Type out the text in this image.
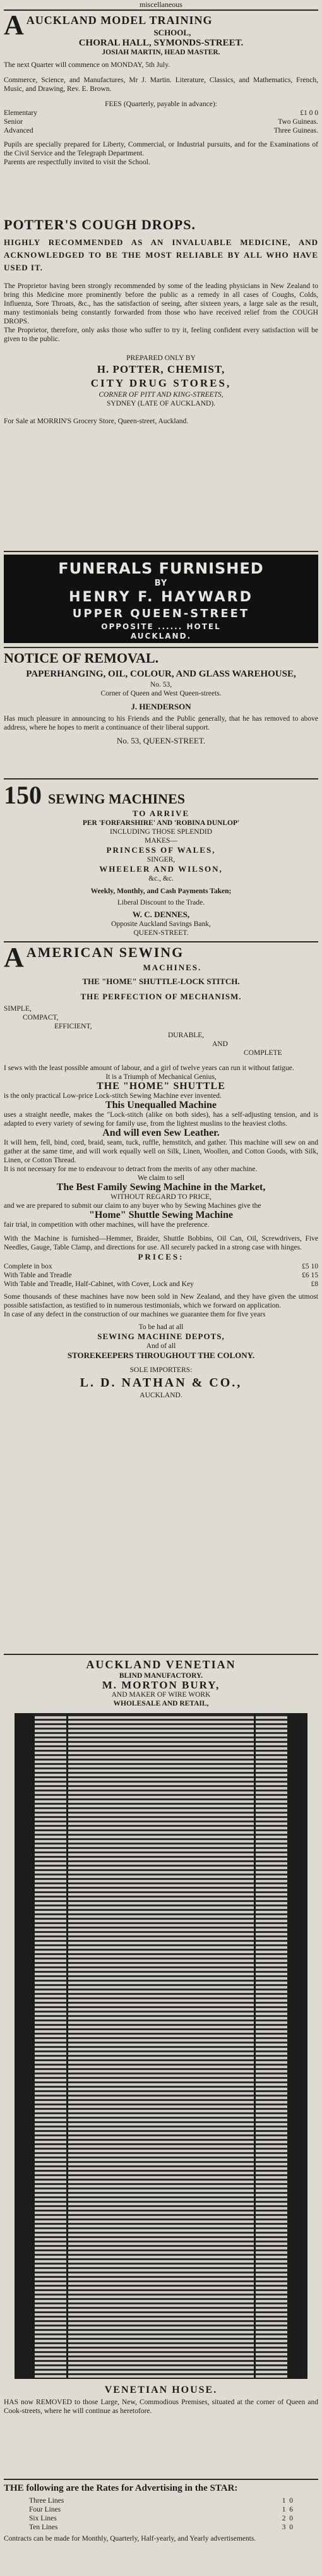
miscellaneous
A AUCKLAND MODEL TRAINING

SCHOOL,

CHORAL HALL, SYMONDS-STREET.

JOSIAH MARTIN, HEAD MASTER.

The next Quarter will commence on MONDAY, 5th July.

Commerce, Science, and Manufactures, Mr J. Martin. Literature, Classics, and Mathematics, French, Music, and Drawing, Rev. E. Brown.

FEES (Quarterly, payable in advance):

Elementary	£1 0 0
Senior	Two Guineas.
Advanced	Three Guineas.

Pupils are specially prepared for Liberty, Commercial, or Industrial pursuits, and for the Examinations of the Civil Service and the Telegraph Department.

Parents are respectfully invited to visit the School.

POTTER'S COUGH DROPS.

HIGHLY RECOMMENDED AS AN INVALUABLE MEDICINE, AND ACKNOWLEDGED TO BE THE MOST RELIABLE BY ALL WHO HAVE USED IT.

The Proprietor having been strongly recommended by some of the leading physicians in New Zealand to bring this Medicine more prominently before the public as a remedy in all cases of Coughs, Colds, Influenza, Sore Throats, &c., has the satisfaction of seeing, after sixteen years, a large sale as the result, many testimonials being constantly forwarded from those who have received relief from the COUGH DROPS.

The Proprietor, therefore, only asks those who suffer to try it, feeling confident every satisfaction will be given to the public.

PREPARED ONLY BY

H. POTTER, CHEMIST,

CITY DRUG STORES,

CORNER OF PITT AND KING-STREETS,

SYDNEY (LATE OF AUCKLAND).

For Sale at MORRIN'S Grocery Store, Queen-street, Auckland.

FUNERALS FURNISHED

BY

HENRY F. HAYWARD

UPPER QUEEN-STREET

OPPOSITE ...... HOTEL

AUCKLAND.

NOTICE OF REMOVAL.

PAPERHANGING, OIL, COLOUR, AND GLASS WAREHOUSE,

No. 53,

Corner of Queen and West Queen-streets.

J. HENDERSON

Has much pleasure in announcing to his Friends and the Public generally, that he has removed to above address, where he hopes to merit a continuance of their liberal support.

No. 53, QUEEN-STREET.

150 SEWING MACHINES

TO ARRIVE

PER 'FORFARSHIRE' AND 'ROBINA DUNLOP'

INCLUDING THOSE SPLENDID

MAKES—

PRINCESS OF WALES,

SINGER,

WHEELER AND WILSON,

&c., &c.

Weekly, Monthly, and Cash Payments Taken;

Liberal Discount to the Trade.

W. C. DENNES,

Opposite Auckland Savings Bank,

QUEEN-STREET.

A AMERICAN SEWING

MACHINES.

THE "HOME" SHUTTLE-LOCK STITCH.

THE PERFECTION OF MECHANISM.

SIMPLE,

COMPACT,

EFFICIENT,

DURABLE,

AND

COMPLETE

I sews with the least possible amount of labour, and a girl of twelve years can run it without fatigue.

It is a Triumph of Mechanical Genius,

THE "HOME" SHUTTLE

is the only practical Low-price Lock-stitch Sewing Machine ever invented.

This Unequalled Machine

uses a straight needle, makes the "Lock-stitch (alike on both sides), has a self-adjusting tension, and is adapted to every variety of sewing for family use, from the lightest muslins to the heaviest cloths.

And will even Sew Leather.

It will hem, fell, bind, cord, braid, seam, tuck, ruffle, hemstitch, and gather. This machine will sew on and gather at the same time, and will work equally well on Silk, Linen, Woollen, and Cotton Goods, with Silk, Linen, or Cotton Thread.

It is not necessary for me to endeavour to detract from the merits of any other machine.

We claim to sell

The Best Family Sewing Machine in the Market,

WITHOUT REGARD TO PRICE,

and we are prepared to submit our claim to any buyer who by Sewing Machines give the

"Home" Shuttle Sewing Machine

fair trial, in competition with other machines, will have the preference.

With the Machine is furnished—Hemmer, Braider, Shuttle Bobbins, Oil Can, Oil, Screwdrivers, Five Needles, Gauge, Table Clamp, and directions for use. All securely packed in a strong case with hinges.

PRICES:

Complete in box	£5 10
With Table and Treadle	£6 15
With Table and Treadle, Half-Cabinet, with Cover, Lock and Key	£8

Some thousands of these machines have now been sold in New Zealand, and they have given the utmost possible satisfaction, as testified to in numerous testimonials, which we forward on application.

In case of any defect in the construction of our machines we guarantee them for five years

To be had at all

SEWING MACHINE DEPOTS,

And of all

STOREKEEPERS THROUGHOUT THE COLONY.

SOLE IMPORTERS:

L. D. NATHAN & CO.,

AUCKLAND.

AUCKLAND VENETIAN

BLIND MANUFACTORY.

M. MORTON BURY,

AND MAKER OF WIRE WORK

WHOLESALE AND RETAIL,

VENETIAN HOUSE.

HAS now REMOVED to those Large, New, Commodious Premises, situated at the corner of Queen and Cook-streets, where he will continue as heretofore.

THE following are the Rates for Advertising in the STAR:

Three Lines	1 0
Four Lines	1 6
Six Lines	2 0
Ten Lines	3 0

Contracts can be made for Monthly, Quarterly, Half-yearly, and Yearly advertisements.
